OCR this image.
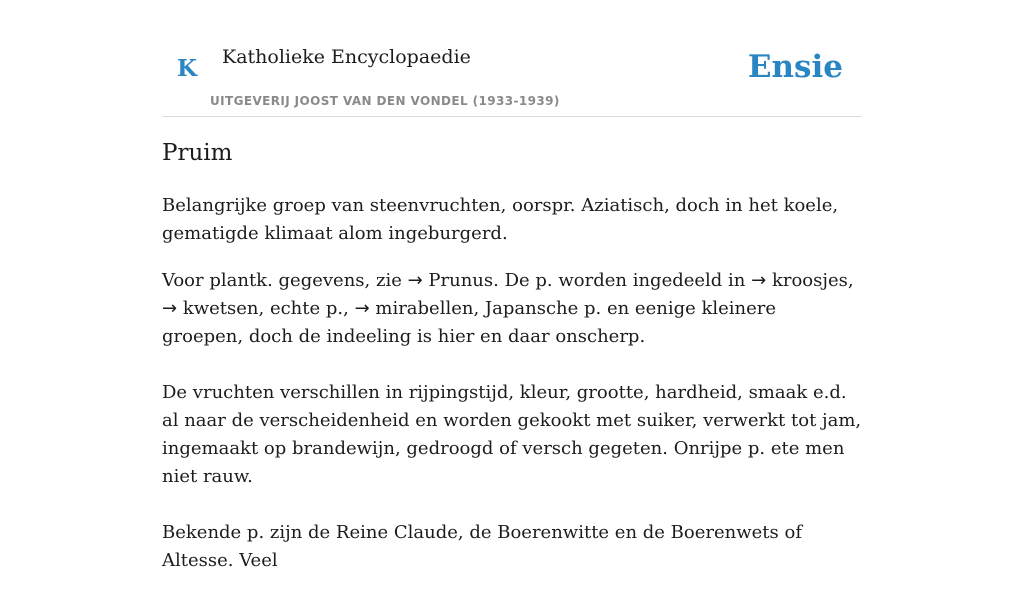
K Katholieke Encyclopaedie
UITGEVERIJ JOOST VAN DEN VONDEL (1933-1939)
Ensie
Pruim

Belangrijke groep van steenvruchten, oorspr. Aziatisch, doch in het koele, gematigde klimaat alom ingeburgerd.

Voor plantk. gegevens, zie → Prunus. De p. worden ingedeeld in → kroosjes, → kwetsen, echte p., → mirabellen, Japansche p. en eenige kleinere groepen, doch de indeeling is hier en daar onscherp.

De vruchten verschillen in rijpingstijd, kleur, grootte, hardheid, smaak e.d. al naar de verscheidenheid en worden gekookt met suiker, verwerkt tot jam, ingemaakt op brandewijn, gedroogd of versch gegeten. Onrijpe p. ete men niet rauw.

Bekende p. zijn de Reine Claude, de Boerenwitte en de Boerenwets of Altesse. Veel
